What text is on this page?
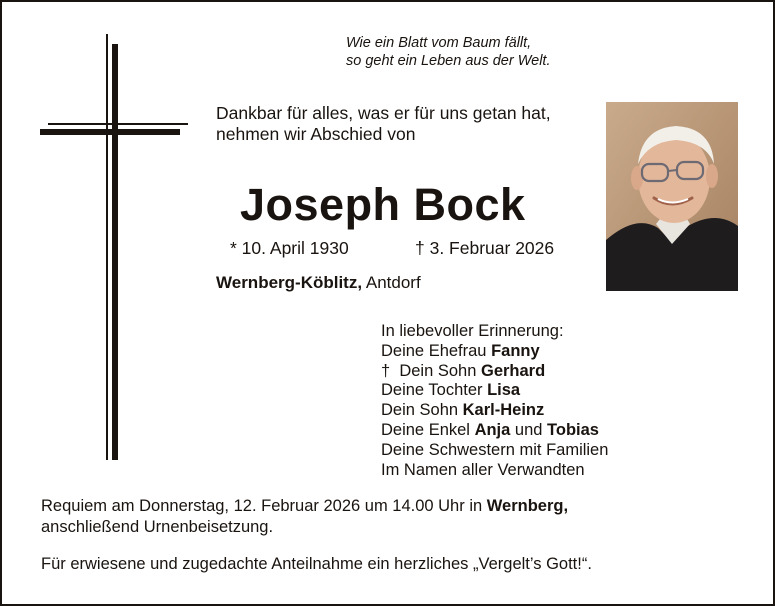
Wie ein Blatt vom Baum fällt,
so geht ein Leben aus der Welt.
Dankbar für alles, was er für uns getan hat,
nehmen wir Abschied von
Joseph Bock
* 10. April 1930	† 3. Februar 2026
Wernberg-Köblitz, Antdorf
In liebevoller Erinnerung:
Deine Ehefrau Fanny
†  Dein Sohn Gerhard
Deine Tochter Lisa
Dein Sohn Karl-Heinz
Deine Enkel Anja und Tobias
Deine Schwestern mit Familien
Im Namen aller Verwandten
Requiem am Donnerstag, 12. Februar 2026 um 14.00 Uhr in Wernberg,
anschließend Urnenbeisetzung.
Für erwiesene und zugedachte Anteilnahme ein herzliches „Vergelt’s Gott!“.
